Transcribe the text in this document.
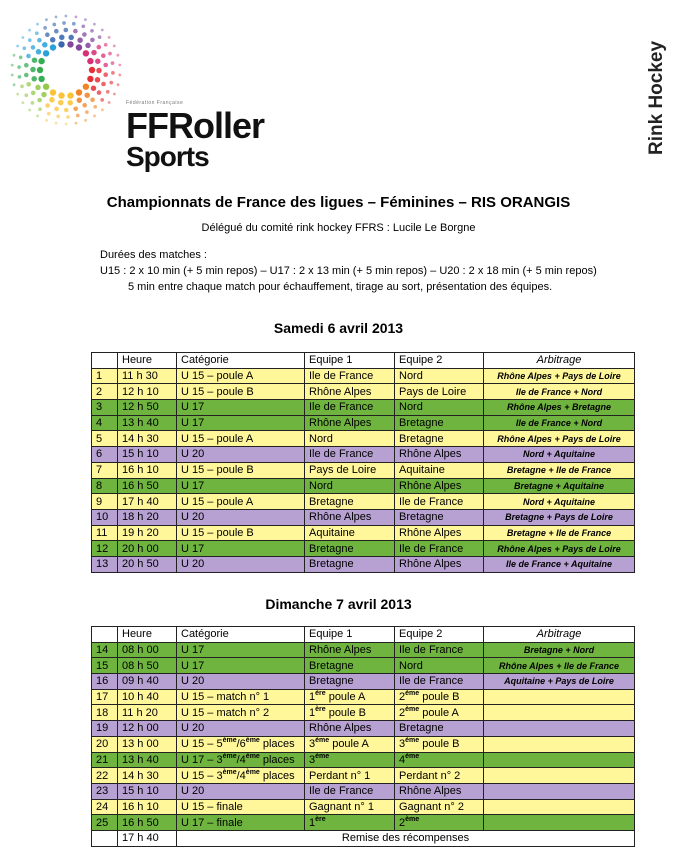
Fédération Française
FFRoller
Sports
Rink Hockey
Championnats de France des ligues – Féminines – RIS ORANGIS
Délégué du comité rink hockey FFRS : Lucile Le Borgne
Durées des matches :
U15 : 2 x 10 min (+ 5 min repos) – U17 : 2 x 13 min (+ 5 min repos) – U20 : 2 x 18 min (+ 5 min repos)
5 min entre chaque match pour échauffement, tirage au sort, présentation des équipes.
Samedi 6 avril 2013
	Heure	Catégorie	Equipe 1	Equipe 2	Arbitrage
1	11 h 30	U 15 – poule A	Ile de France	Nord	Rhône Alpes + Pays de Loire
2	12 h 10	U 15 – poule B	Rhône Alpes	Pays de Loire	Ile de France + Nord
3	12 h 50	U 17	Ile de France	Nord	Rhône Alpes + Bretagne
4	13 h 40	U 17	Rhône Alpes	Bretagne	Ile de France + Nord
5	14 h 30	U 15 – poule A	Nord	Bretagne	Rhône Alpes + Pays de Loire
6	15 h 10	U 20	Ile de France	Rhône Alpes	Nord + Aquitaine
7	16 h 10	U 15 – poule B	Pays de Loire	Aquitaine	Bretagne + Ile de France
8	16 h 50	U 17	Nord	Rhône Alpes	Bretagne + Aquitaine
9	17 h 40	U 15 – poule A	Bretagne	Ile de France	Nord + Aquitaine
10	18 h 20	U 20	Rhône Alpes	Bretagne	Bretagne + Pays de Loire
11	19 h 20	U 15 – poule B	Aquitaine	Rhône Alpes	Bretagne + Ile de France
12	20 h 00	U 17	Bretagne	Ile de France	Rhône Alpes + Pays de Loire
13	20 h 50	U 20	Bretagne	Rhône Alpes	Ile de France + Aquitaine
Dimanche 7 avril 2013
	Heure	Catégorie	Equipe 1	Equipe 2	Arbitrage
14	08 h 00	U 17	Rhône Alpes	Ile de France	Bretagne + Nord
15	08 h 50	U 17	Bretagne	Nord	Rhône Alpes + Ile de France
16	09 h 40	U 20	Bretagne	Ile de France	Aquitaine + Pays de Loire
17	10 h 40	U 15 – match n° 1	1ère poule A	2ème poule B	
18	11 h 20	U 15 – match n° 2	1ère poule B	2ème poule A	
19	12 h 00	U 20	Rhône Alpes	Bretagne	
20	13 h 00	U 15 – 5ème/6ème places	3ème poule A	3ème poule B	
21	13 h 40	U 17 – 3ème/4ème places	3ème	4ème	
22	14 h 30	U 15 – 3ème/4ème places	Perdant n° 1	Perdant n° 2	
23	15 h 10	U 20	Ile de France	Rhône Alpes	
24	16 h 10	U 15 – finale	Gagnant n° 1	Gagnant n° 2	
25	16 h 50	U 17 – finale	1ère	2ème	
	17 h 40	Remise des récompenses			
